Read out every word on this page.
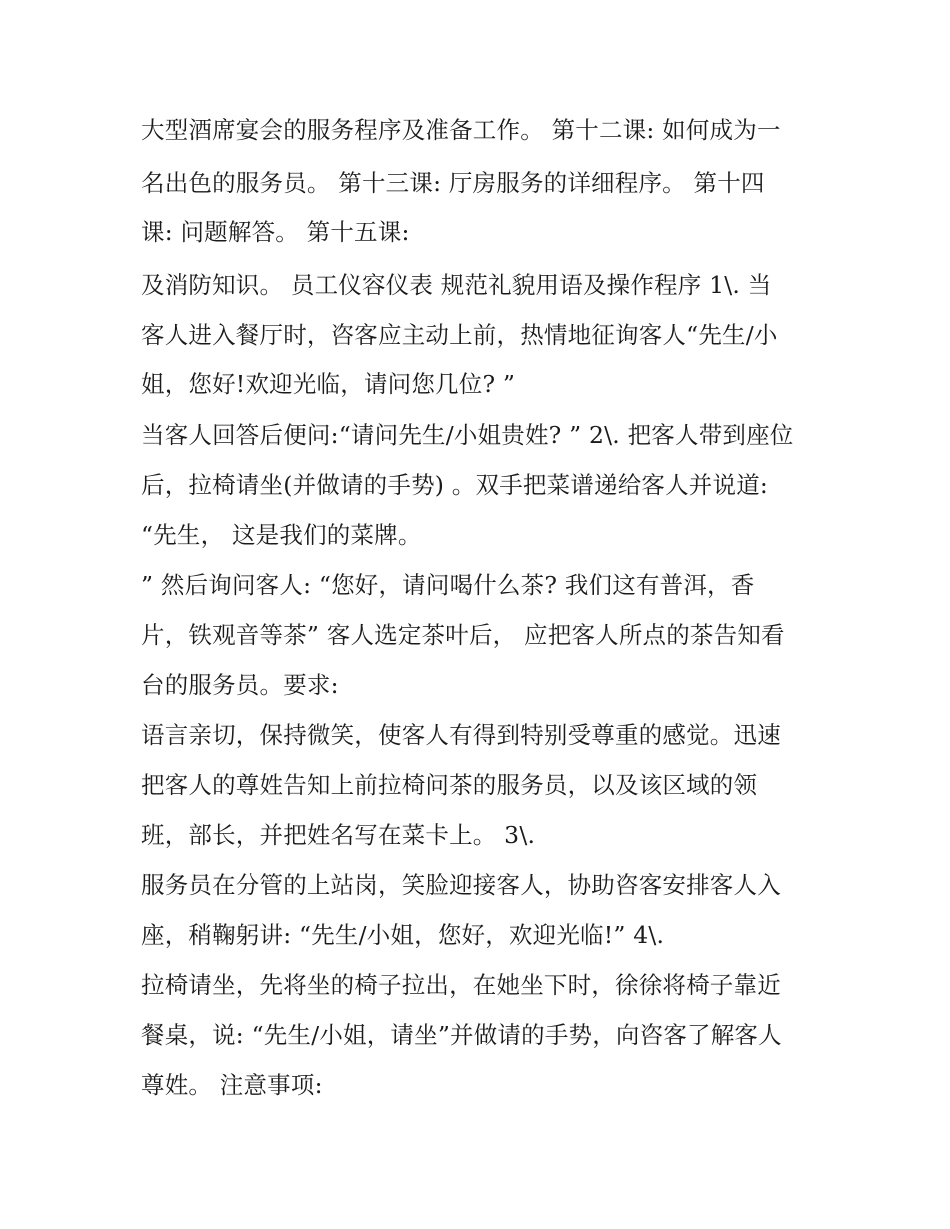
大型酒席宴会的服务程序及准备工作。 第十二课: 如何成为一
名出色的服务员。 第十三课: 厅房服务的详细程序。 第十四
课: 问题解答。 第十五课:
及消防知识。 员工仪容仪表 规范礼貌用语及操作程序 1\. 当
客人进入餐厅时，咨客应主动上前，热情地征询客人“先生/小
姐，您好!欢迎光临，请问您几位? ”
当客人回答后便问:“请问先生/小姐贵姓? ” 2\. 把客人带到座位
后，拉椅请坐(并做请的手势) 。双手把菜谱递给客人并说道:
“先生， 这是我们的菜牌。
” 然后询问客人: “您好，请问喝什么茶? 我们这有普洱，香
片，铁观音等茶” 客人选定茶叶后， 应把客人所点的茶告知看
台的服务员。要求:
语言亲切，保持微笑，使客人有得到特别受尊重的感觉。迅速
把客人的尊姓告知上前拉椅问茶的服务员，以及该区域的领
班，部长，并把姓名写在菜卡上。 3\.
服务员在分管的上站岗，笑脸迎接客人，协助咨客安排客人入
座，稍鞠躬讲: “先生/小姐，您好，欢迎光临!” 4\.
拉椅请坐，先将坐的椅子拉出，在她坐下时，徐徐将椅子靠近
餐桌，说: “先生/小姐，请坐”并做请的手势，向咨客了解客人
尊姓。 注意事项:
